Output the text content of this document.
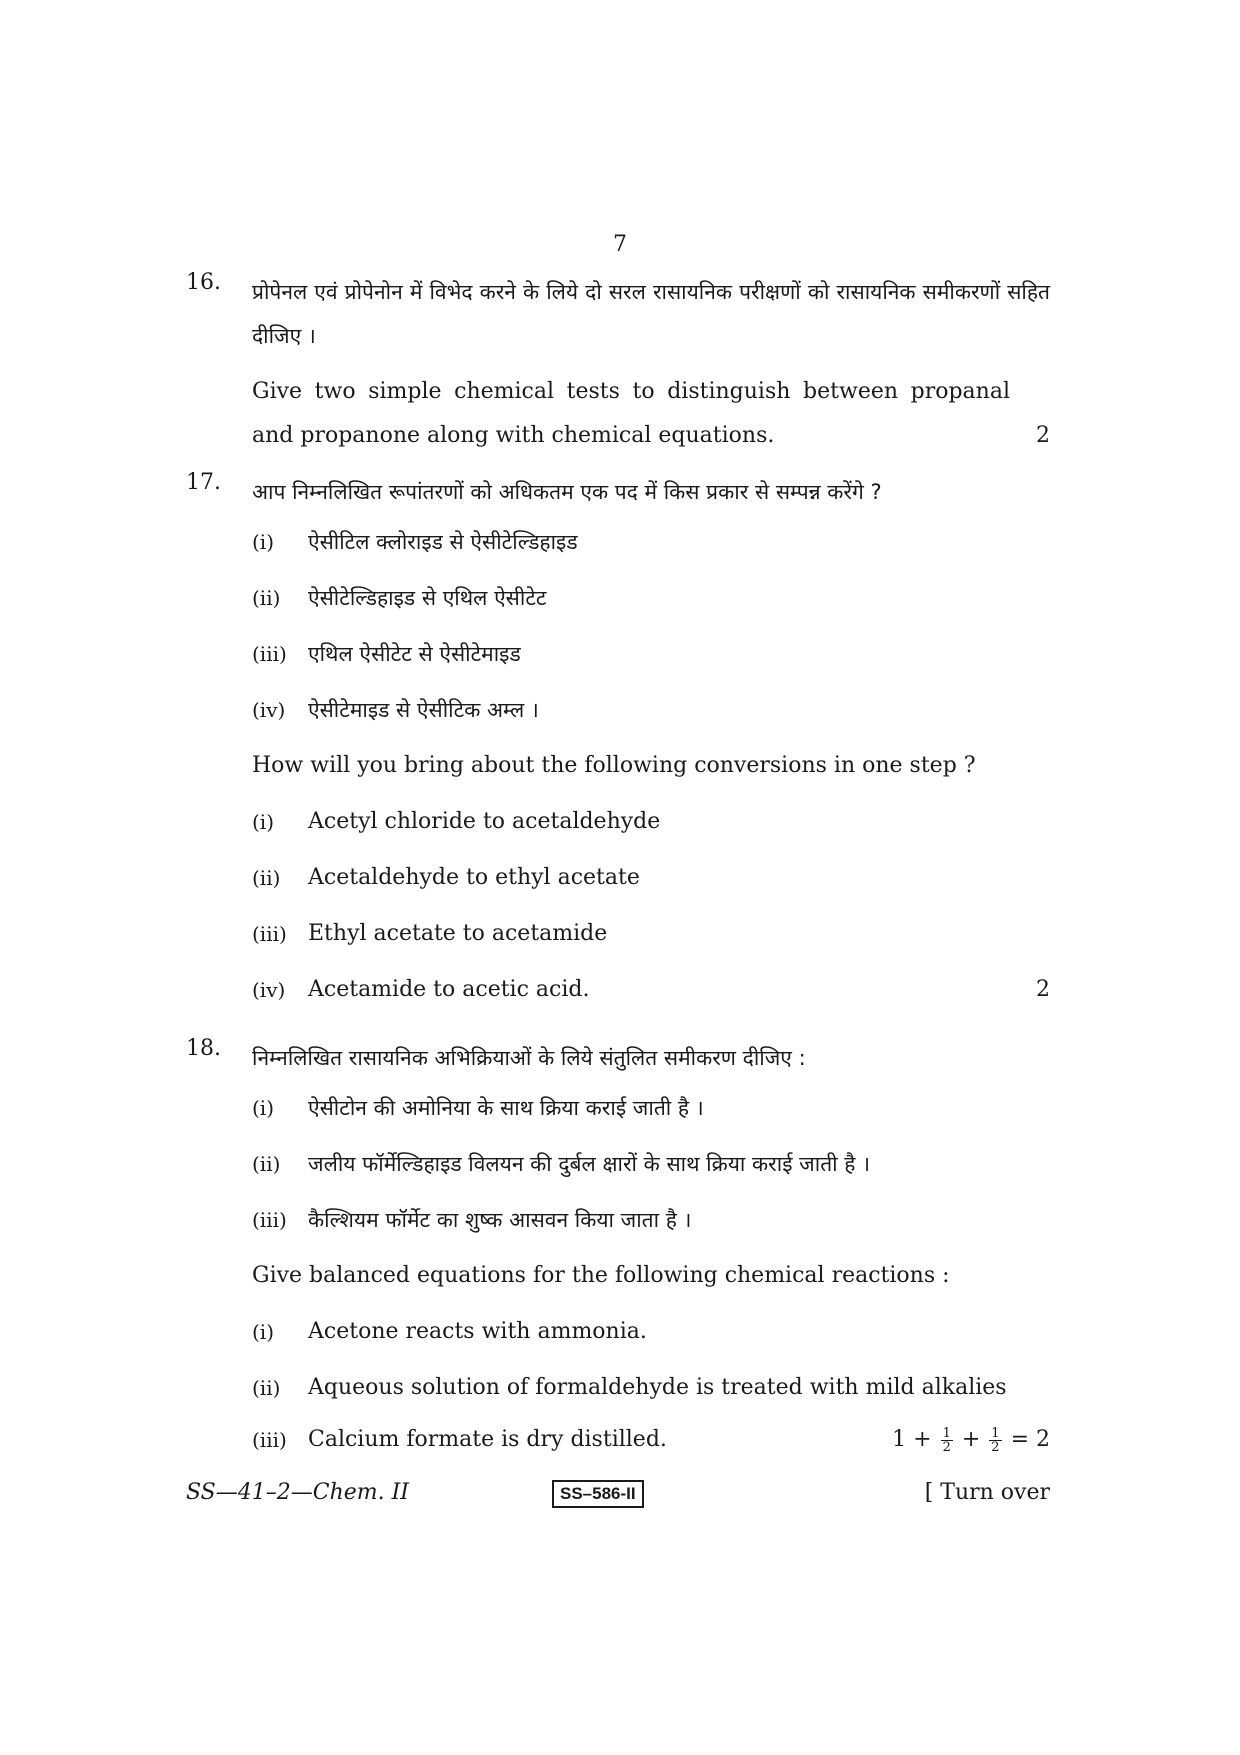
7
16.	प्रोपेनल एवं प्रोपेनोन में विभेद करने के लिये दो सरल रासायनिक परीक्षणों को रासायनिक समीकरणों सहित दीजिए ।

Give two simple chemical tests to distinguish between propanal and propanone along with chemical equations.	2
17.	आप निम्नलिखित रूपांतरणों को अधिकतम एक पद में किस प्रकार से सम्पन्न करेंगे ?

(i)	ऐसीटिल क्लोराइड से ऐसीटेल्डिहाइड
(ii)	ऐसीटेल्डिहाइड से एथिल ऐसीटेट
(iii)	एथिल ऐसीटेट से ऐसीटेमाइड
(iv)	ऐसीटेमाइड से ऐसीटिक अम्ल ।

How will you bring about the following conversions in one step ?

(i)	Acetyl chloride to acetaldehyde
(ii)	Acetaldehyde to ethyl acetate
(iii) Ethyl acetate to acetamide
(iv)	Acetamide to acetic acid.	2
18.	निम्नलिखित रासायनिक अभिक्रियाओं के लिये संतुलित समीकरण दीजिए :

(i)	ऐसीटोन की अमोनिया के साथ क्रिया कराई जाती है ।
(ii)	जलीय फॉर्मेल्डिहाइड विलयन की दुर्बल क्षारों के साथ क्रिया कराई जाती है ।
(iii)	कैल्शियम फॉर्मेट का शुष्क आसवन किया जाता है ।

Give balanced equations for the following chemical reactions :

(i)	Acetone reacts with ammonia.
(ii)	Aqueous solution of formaldehyde is treated with mild alkalies
(iii) Calcium formate is dry distilled.	$1 + \frac{1}{2} + \frac{1}{2} = 2$
SS—41–2—Chem. II	SS–586-II	[ Turn over
